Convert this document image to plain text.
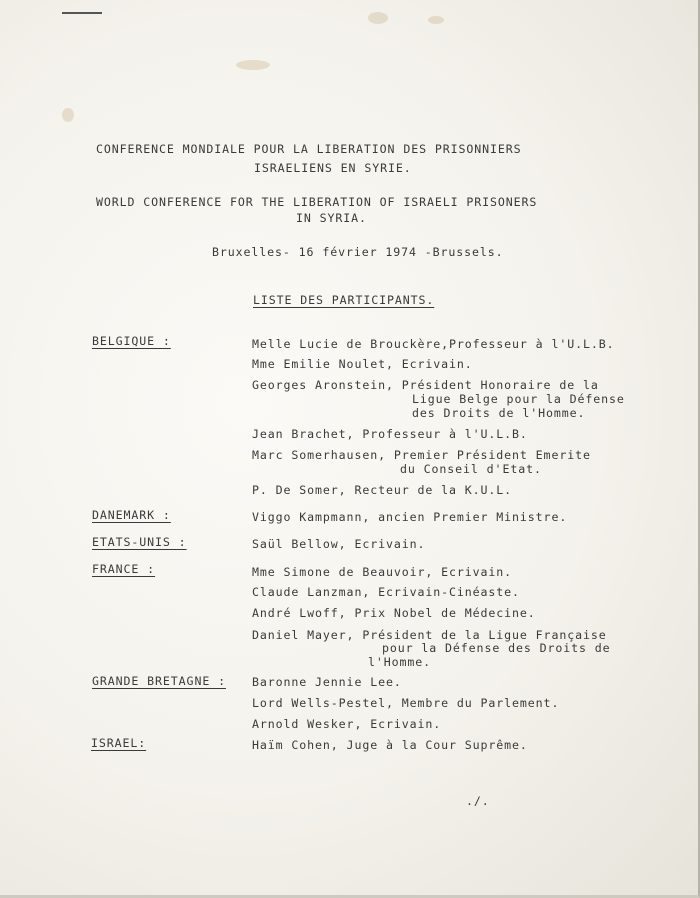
CONFERENCE MONDIALE POUR LA LIBERATION DES PRISONNIERS
ISRAELIENS EN SYRIE.
WORLD CONFERENCE FOR THE LIBERATION OF ISRAELI PRISONERS
IN SYRIA.
Bruxelles- 16 février 1974 -Brussels.
LISTE DES PARTICIPANTS.
BELGIQUE :	Melle Lucie de Brouckère,Professeur à l'U.L.B.
Mme Emilie Noulet, Ecrivain.
Georges Aronstein, Président Honoraire de la
Ligue Belge pour la Défense
des Droits de l'Homme.
Jean Brachet, Professeur à l'U.L.B.
Marc Somerhausen, Premier Président Emerite
du Conseil d'Etat.
P. De Somer, Recteur de la K.U.L.
DANEMARK :	Viggo Kampmann, ancien Premier Ministre.
ETATS-UNIS :	Saül Bellow, Ecrivain.
FRANCE :	Mme Simone de Beauvoir, Ecrivain.
Claude Lanzman, Ecrivain-Cinéaste.
André Lwoff, Prix Nobel de Médecine.
Daniel Mayer, Président de la Ligue Française
pour la Défense des Droits de
l'Homme.
GRANDE BRETAGNE : Baronne Jennie Lee.
Lord Wells-Pestel, Membre du Parlement.
Arnold Wesker, Ecrivain.
ISRAEL:	Haïm Cohen, Juge à la Cour Suprême.
./.
